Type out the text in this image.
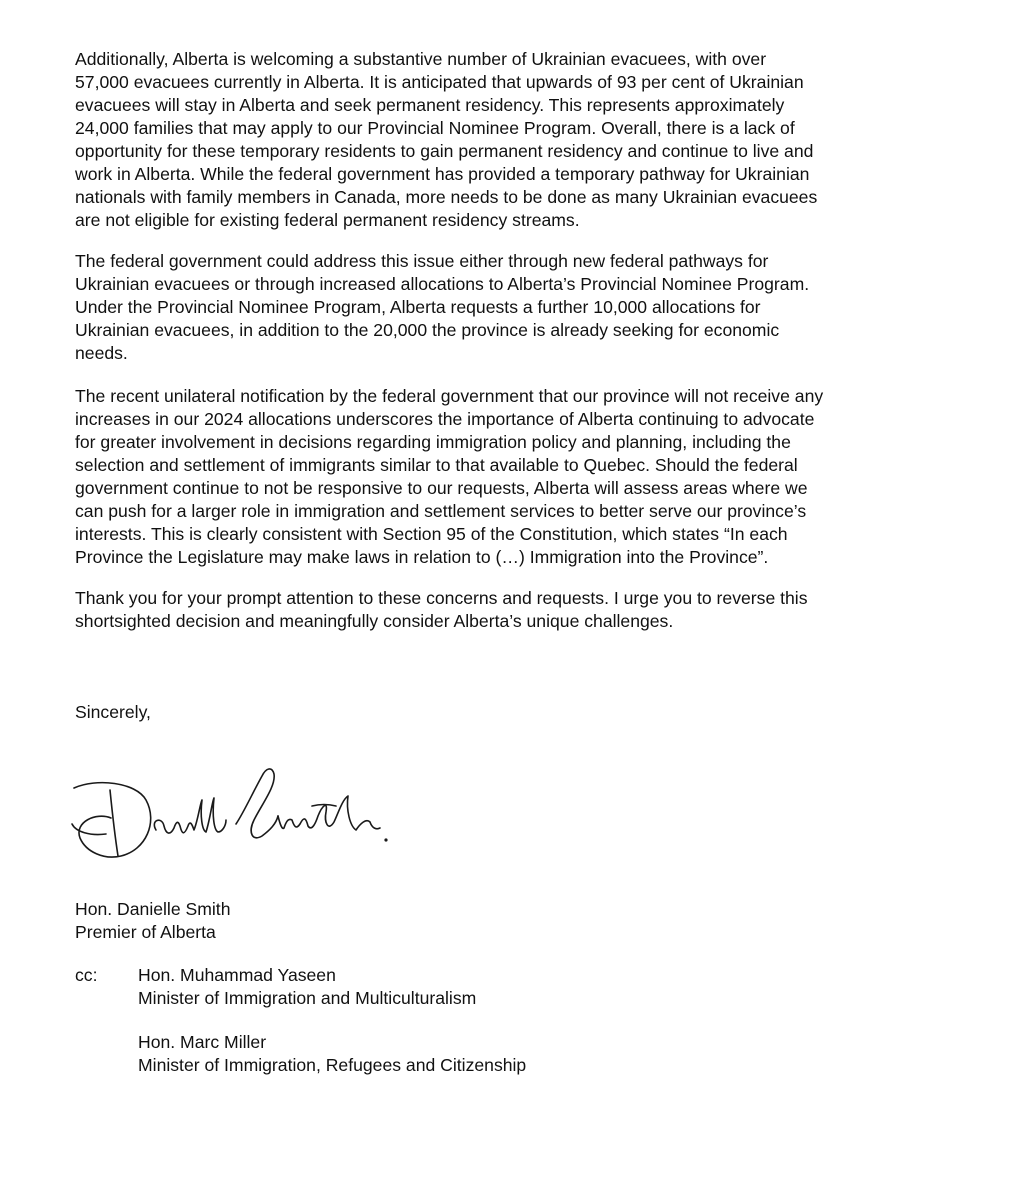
Additionally, Alberta is welcoming a substantive number of Ukrainian evacuees, with over
57,000 evacuees currently in Alberta. It is anticipated that upwards of 93 per cent of Ukrainian
evacuees will stay in Alberta and seek permanent residency. This represents approximately
24,000 families that may apply to our Provincial Nominee Program. Overall, there is a lack of
opportunity for these temporary residents to gain permanent residency and continue to live and
work in Alberta. While the federal government has provided a temporary pathway for Ukrainian
nationals with family members in Canada, more needs to be done as many Ukrainian evacuees
are not eligible for existing federal permanent residency streams.
The federal government could address this issue either through new federal pathways for
Ukrainian evacuees or through increased allocations to Alberta’s Provincial Nominee Program.
Under the Provincial Nominee Program, Alberta requests a further 10,000 allocations for
Ukrainian evacuees, in addition to the 20,000 the province is already seeking for economic
needs.
The recent unilateral notification by the federal government that our province will not receive any
increases in our 2024 allocations underscores the importance of Alberta continuing to advocate
for greater involvement in decisions regarding immigration policy and planning, including the
selection and settlement of immigrants similar to that available to Quebec. Should the federal
government continue to not be responsive to our requests, Alberta will assess areas where we
can push for a larger role in immigration and settlement services to better serve our province’s
interests. This is clearly consistent with Section 95 of the Constitution, which states “In each
Province the Legislature may make laws in relation to (…) Immigration into the Province”.
Thank you for your prompt attention to these concerns and requests. I urge you to reverse this
shortsighted decision and meaningfully consider Alberta’s unique challenges.
Sincerely,
Hon. Danielle Smith
Premier of Alberta
cc: Hon. Muhammad Yaseen
Minister of Immigration and Multiculturalism
Hon. Marc Miller
Minister of Immigration, Refugees and Citizenship
